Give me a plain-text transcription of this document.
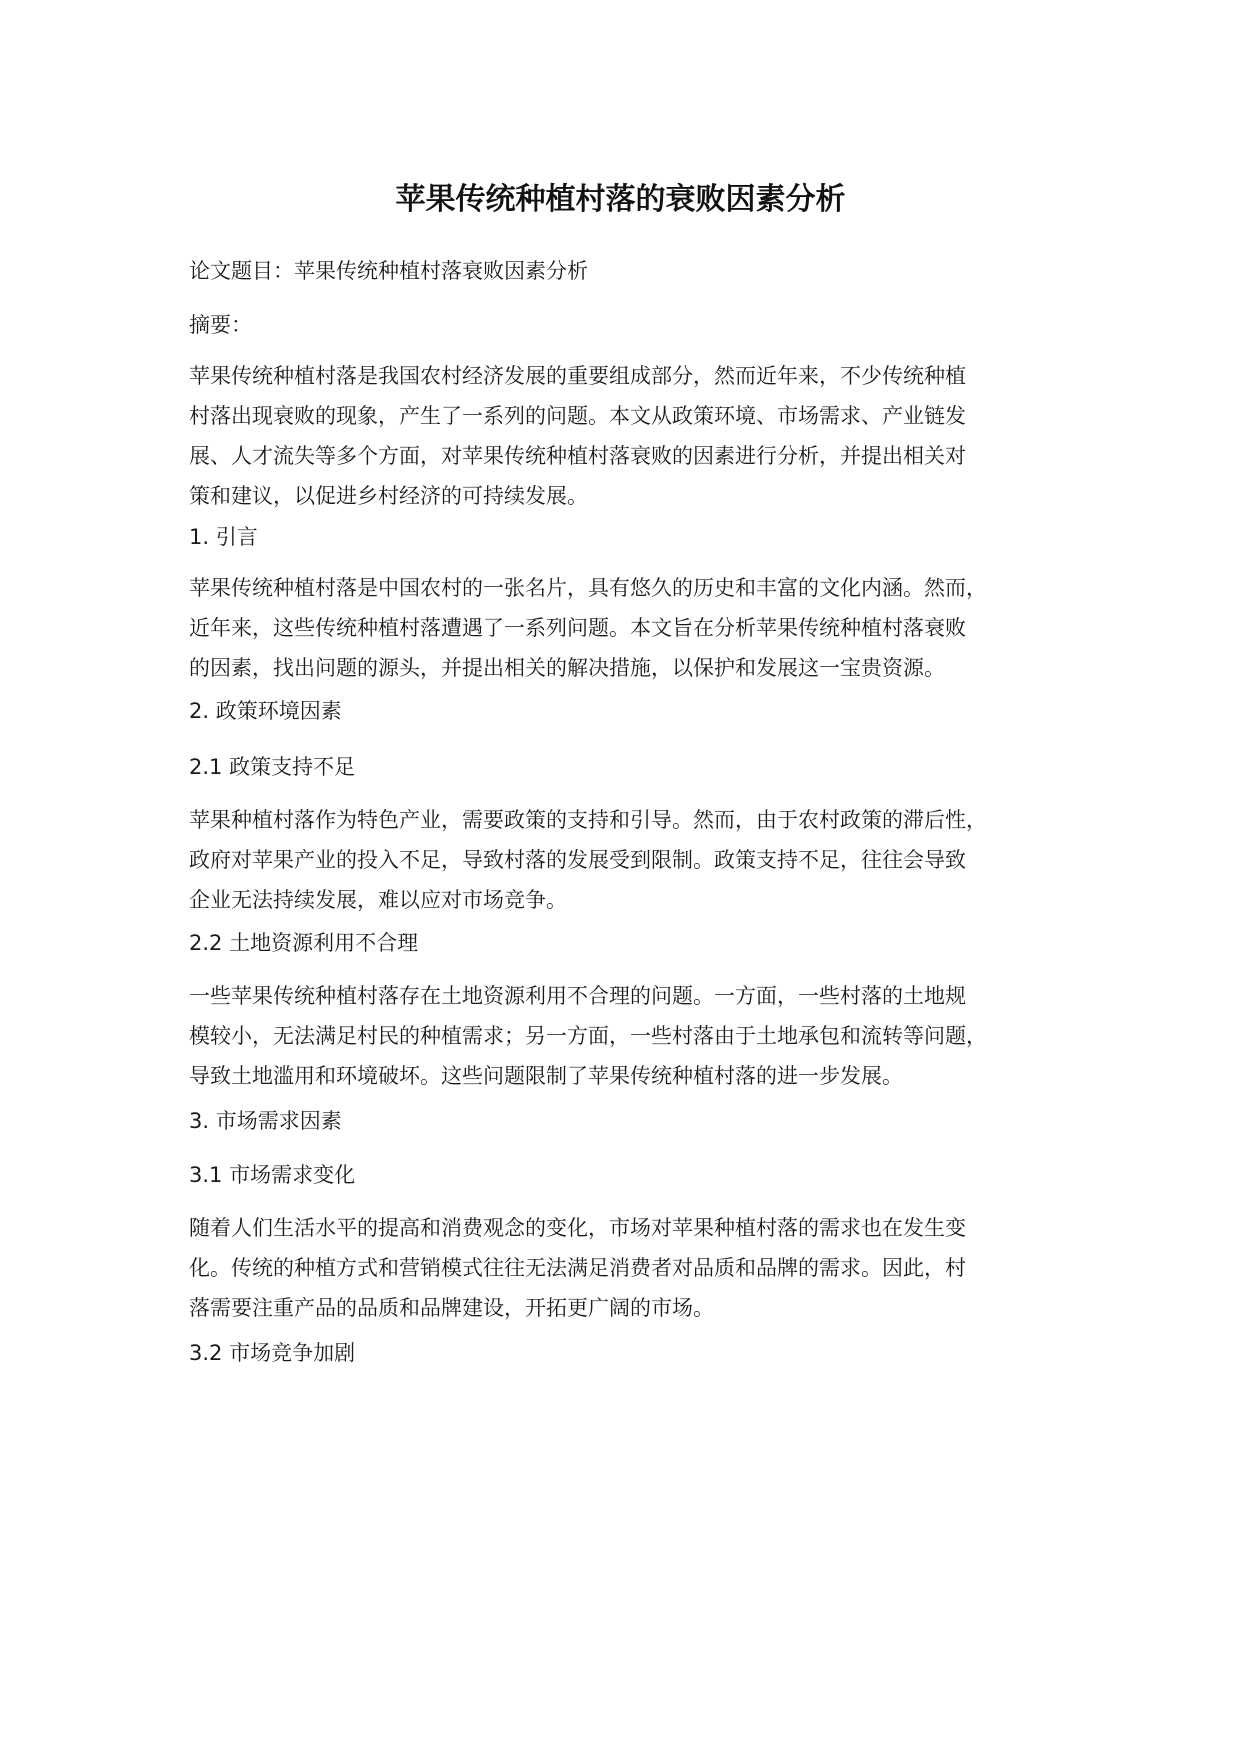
苹果传统种植村落的衰败因素分析
论文题目：苹果传统种植村落衰败因素分析
摘要：
苹果传统种植村落是我国农村经济发展的重要组成部分，然而近年来，不少传统种植
村落出现衰败的现象，产生了一系列的问题。本文从政策环境、市场需求、产业链发
展、人才流失等多个方面，对苹果传统种植村落衰败的因素进行分析，并提出相关对
策和建议，以促进乡村经济的可持续发展。
1. 引言
苹果传统种植村落是中国农村的一张名片，具有悠久的历史和丰富的文化内涵。然而，
近年来，这些传统种植村落遭遇了一系列问题。本文旨在分析苹果传统种植村落衰败
的因素，找出问题的源头，并提出相关的解决措施，以保护和发展这一宝贵资源。
2. 政策环境因素
2.1 政策支持不足
苹果种植村落作为特色产业，需要政策的支持和引导。然而，由于农村政策的滞后性，
政府对苹果产业的投入不足，导致村落的发展受到限制。政策支持不足，往往会导致
企业无法持续发展，难以应对市场竞争。
2.2 土地资源利用不合理
一些苹果传统种植村落存在土地资源利用不合理的问题。一方面，一些村落的土地规
模较小，无法满足村民的种植需求；另一方面，一些村落由于土地承包和流转等问题，
导致土地滥用和环境破坏。这些问题限制了苹果传统种植村落的进一步发展。
3. 市场需求因素
3.1 市场需求变化
随着人们生活水平的提高和消费观念的变化，市场对苹果种植村落的需求也在发生变
化。传统的种植方式和营销模式往往无法满足消费者对品质和品牌的需求。因此，村
落需要注重产品的品质和品牌建设，开拓更广阔的市场。
3.2 市场竞争加剧
